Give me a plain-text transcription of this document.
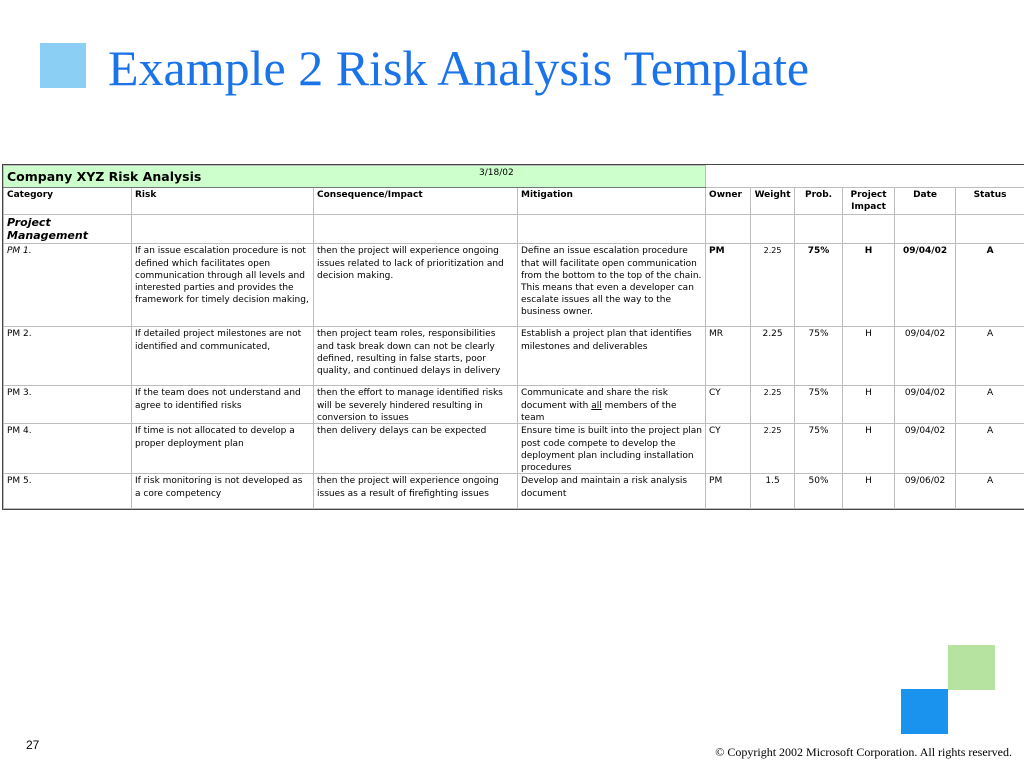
Example 2 Risk Analysis Template
Company XYZ Risk Analysis								
Category	Risk	Consequence/Impact	Mitigation	Owner	Weight	Prob.	Project Impact	Date	Status
Project Management									
PM 1.	If an issue escalation procedure is not defined which facilitates open communication through all levels and interested parties and provides the framework for timely decision making,	then the project will experience ongoing issues related to lack of prioritization and decision making.	Define an issue escalation procedure that will facilitate open communication from the bottom to the top of the chain. This means that even a developer can escalate issues all the way to the business owner.	PM	2.25	75%	H	09/04/02	A
PM 2.	If detailed project milestones are not identified and communicated,	then project team roles, responsibilities and task break down can not be clearly defined, resulting in false starts, poor quality, and continued delays in delivery	Establish a project plan that identifies milestones and deliverables	MR	2.25	75%	H	09/04/02	A
PM 3.	If the team does not understand and agree to identified risks	then the effort to manage identified risks will be severely hindered resulting in conversion to issues	Communicate and share the risk document with all members of the team	CY	2.25	75%	H	09/04/02	A
PM 4.	If time is not allocated to develop a proper deployment plan	then delivery delays can be expected	Ensure time is built into the project plan post code compete to develop the deployment plan including installation procedures	CY	2.25	75%	H	09/04/02	A
PM 5.	If risk monitoring is not developed as a core competency	then the project will experience ongoing issues as a result of firefighting issues	Develop and maintain a risk analysis document	PM	1.5	50%	H	09/06/02	A
3/18/02
27	© Copyright 2002 Microsoft Corporation. All rights reserved.
